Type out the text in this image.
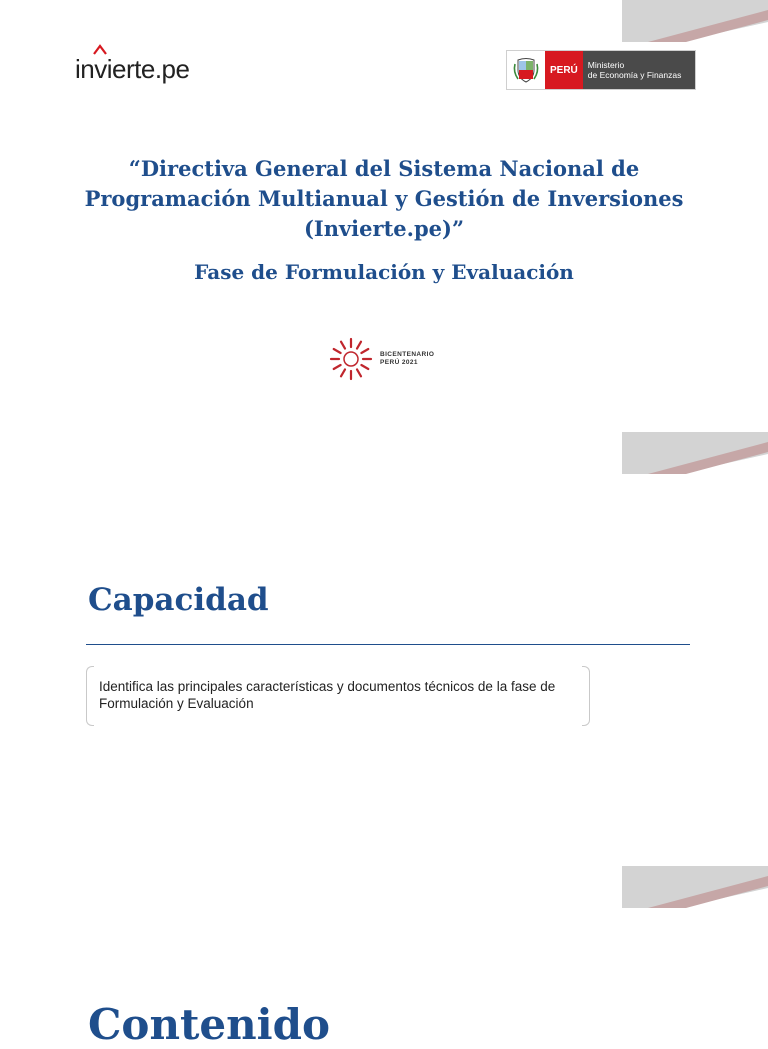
in
vierte.pe	PERÚ	Ministerio
de Economía y Finanzas
“Directiva General del Sistema Nacional de Programación Multianual y Gestión de Inversiones (Invierte.pe)”
Fase de Formulación y Evaluación
BICENTENARIO
PERÚ 2021
Capacidad

Identifica las principales características y documentos técnicos de la fase de Formulación y Evaluación

Contenido
